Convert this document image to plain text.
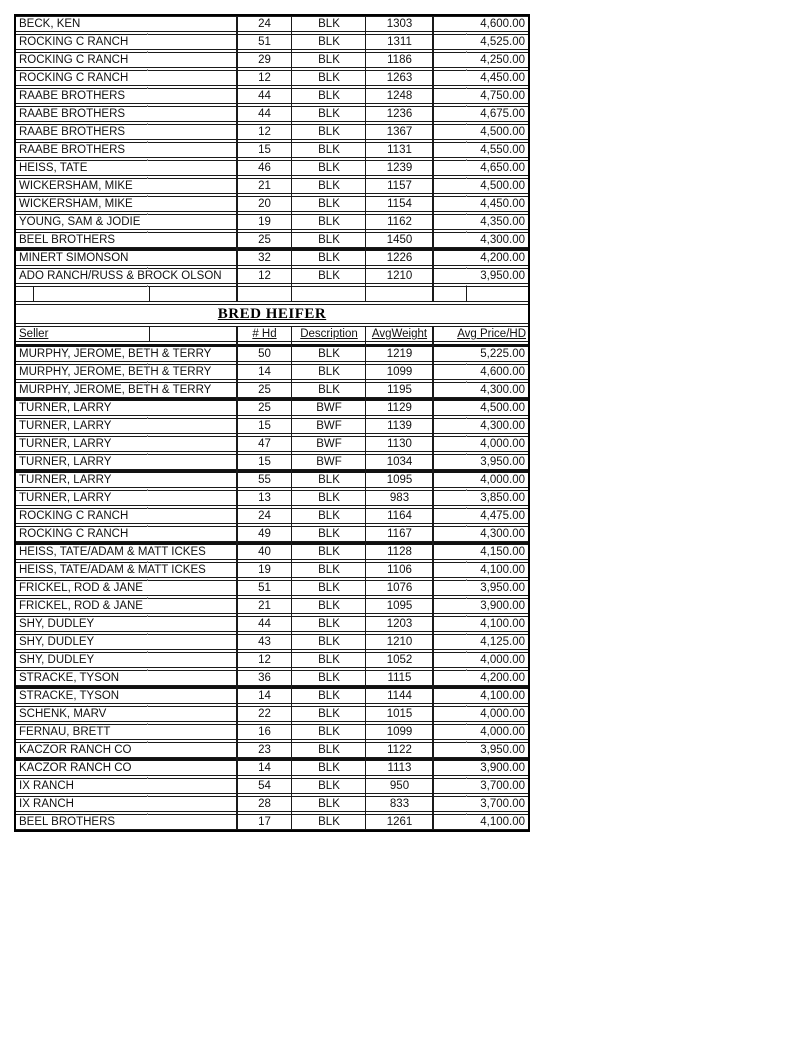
BECK, KEN	24	BLK	1303	4,600.00
ROCKING C RANCH	51	BLK	1311	4,525.00
ROCKING C RANCH	29	BLK	1186	4,250.00
ROCKING C RANCH	12	BLK	1263	4,450.00
RAABE BROTHERS	44	BLK	1248	4,750.00
RAABE BROTHERS	44	BLK	1236	4,675.00
RAABE BROTHERS	12	BLK	1367	4,500.00
RAABE BROTHERS	15	BLK	1131	4,550.00
HEISS, TATE	46	BLK	1239	4,650.00
WICKERSHAM, MIKE	21	BLK	1157	4,500.00
WICKERSHAM, MIKE	20	BLK	1154	4,450.00
YOUNG, SAM & JODIE	19	BLK	1162	4,350.00
BEEL BROTHERS	25	BLK	1450	4,300.00
MINERT SIMONSON	32	BLK	1226	4,200.00
ADO RANCH/RUSS & BROCK OLSON	12	BLK	1210	3,950.00
BRED HEIFER
Seller	# Hd	Description	AvgWeight	Avg Price/HD
MURPHY, JEROME, BETH & TERRY	50	BLK	1219	5,225.00
MURPHY, JEROME, BETH & TERRY	14	BLK	1099	4,600.00
MURPHY, JEROME, BETH & TERRY	25	BLK	1195	4,300.00
TURNER, LARRY	25	BWF	1129	4,500.00
TURNER, LARRY	15	BWF	1139	4,300.00
TURNER, LARRY	47	BWF	1130	4,000.00
TURNER, LARRY	15	BWF	1034	3,950.00
TURNER, LARRY	55	BLK	1095	4,000.00
TURNER, LARRY	13	BLK	983	3,850.00
ROCKING C RANCH	24	BLK	1164	4,475.00
ROCKING C RANCH	49	BLK	1167	4,300.00
HEISS, TATE/ADAM & MATT ICKES	40	BLK	1128	4,150.00
HEISS, TATE/ADAM & MATT ICKES	19	BLK	1106	4,100.00
FRICKEL, ROD & JANE	51	BLK	1076	3,950.00
FRICKEL, ROD & JANE	21	BLK	1095	3,900.00
SHY, DUDLEY	44	BLK	1203	4,100.00
SHY, DUDLEY	43	BLK	1210	4,125.00
SHY, DUDLEY	12	BLK	1052	4,000.00
STRACKE, TYSON	36	BLK	1115	4,200.00
STRACKE, TYSON	14	BLK	1144	4,100.00
SCHENK, MARV	22	BLK	1015	4,000.00
FERNAU, BRETT	16	BLK	1099	4,000.00
KACZOR RANCH CO	23	BLK	1122	3,950.00
KACZOR RANCH CO	14	BLK	1113	3,900.00
IX RANCH	54	BLK	950	3,700.00
IX RANCH	28	BLK	833	3,700.00
BEEL BROTHERS	17	BLK	1261	4,100.00
